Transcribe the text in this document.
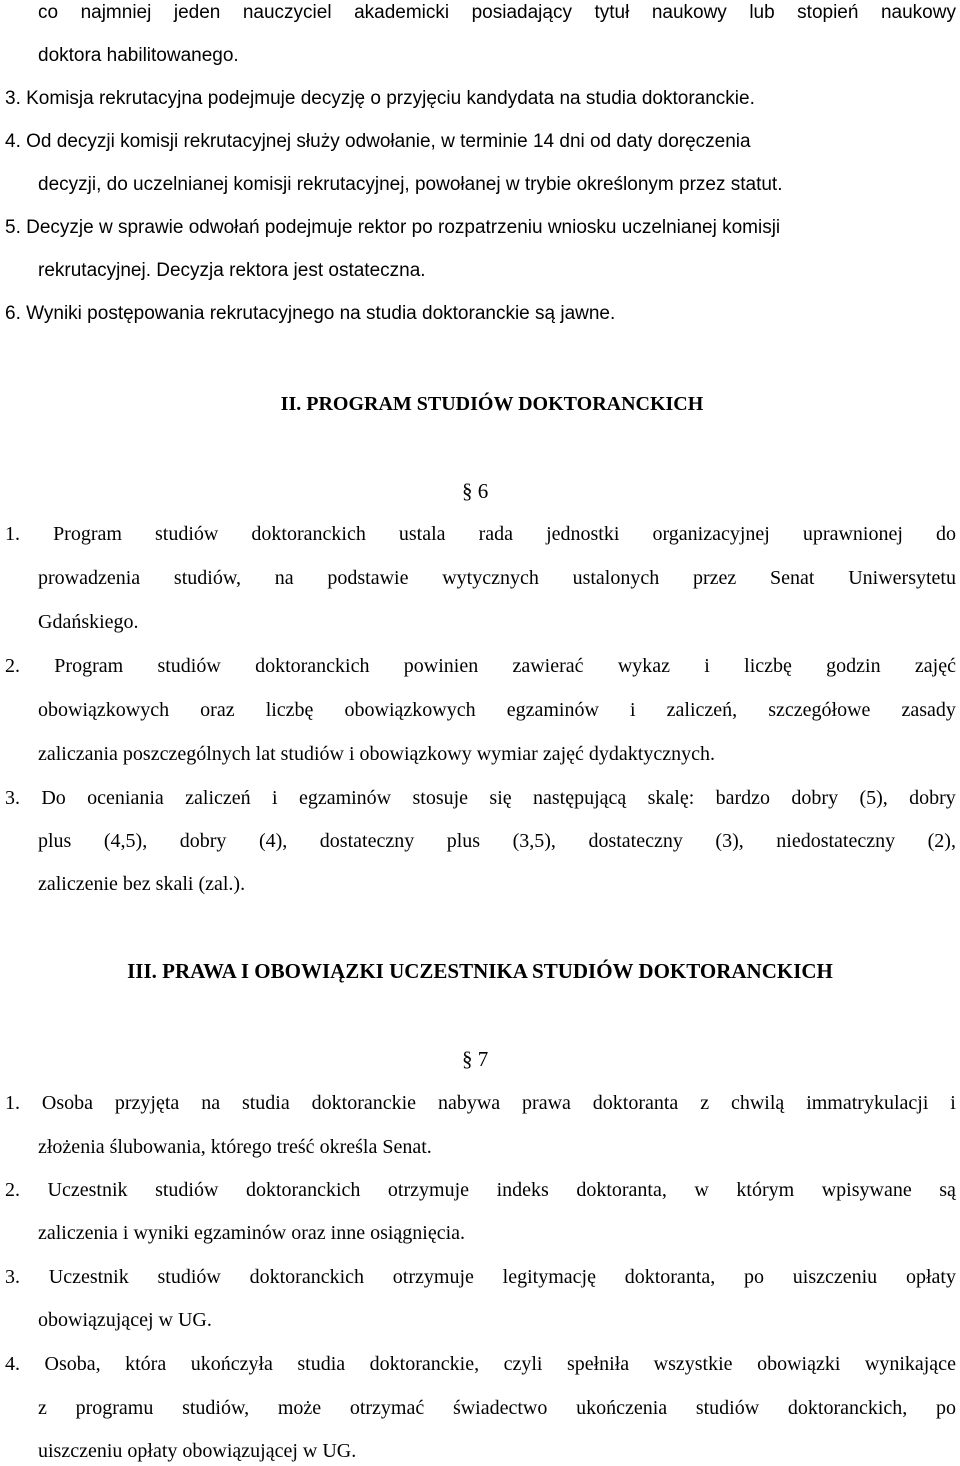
co najmniej jeden nauczyciel akademicki posiadający tytuł naukowy lub stopień naukowy
doktora habilitowanego.
3. Komisja rekrutacyjna podejmuje decyzję o przyjęciu kandydata na studia doktoranckie.
4. Od decyzji komisji rekrutacyjnej służy odwołanie, w terminie 14 dni od daty doręczenia
decyzji, do uczelnianej komisji rekrutacyjnej, powołanej w trybie określonym przez statut.
5. Decyzje w sprawie odwołań podejmuje rektor po rozpatrzeniu wniosku uczelnianej komisji
rekrutacyjnej. Decyzja rektora jest ostateczna.
6. Wyniki postępowania rekrutacyjnego na studia doktoranckie są jawne.
II. PROGRAM STUDIÓW DOKTORANCKICH
§ 6
1. Program studiów doktoranckich ustala rada jednostki organizacyjnej uprawnionej do
prowadzenia studiów, na podstawie wytycznych ustalonych przez Senat Uniwersytetu
Gdańskiego.
2. Program studiów doktoranckich powinien zawierać wykaz i liczbę godzin zajęć
obowiązkowych oraz liczbę obowiązkowych egzaminów i zaliczeń, szczegółowe zasady
zaliczania poszczególnych lat studiów i obowiązkowy wymiar zajęć dydaktycznych.
3. Do oceniania zaliczeń i egzaminów stosuje się następującą skalę: bardzo dobry (5), dobry
plus (4,5), dobry (4), dostateczny plus (3,5), dostateczny (3), niedostateczny (2),
zaliczenie bez skali (zal.).
III. PRAWA I OBOWIĄZKI UCZESTNIKA STUDIÓW DOKTORANCKICH
§ 7
1. Osoba przyjęta na studia doktoranckie nabywa prawa doktoranta z chwilą immatrykulacji i
złożenia ślubowania, którego treść określa Senat.
2. Uczestnik studiów doktoranckich otrzymuje indeks doktoranta, w którym wpisywane są
zaliczenia i wyniki egzaminów oraz inne osiągnięcia.
3. Uczestnik studiów doktoranckich otrzymuje legitymację doktoranta, po uiszczeniu opłaty
obowiązującej w UG.
4. Osoba, która ukończyła studia doktoranckie, czyli spełniła wszystkie obowiązki wynikające
z programu studiów, może otrzymać świadectwo ukończenia studiów doktoranckich, po
uiszczeniu opłaty obowiązującej w UG.
